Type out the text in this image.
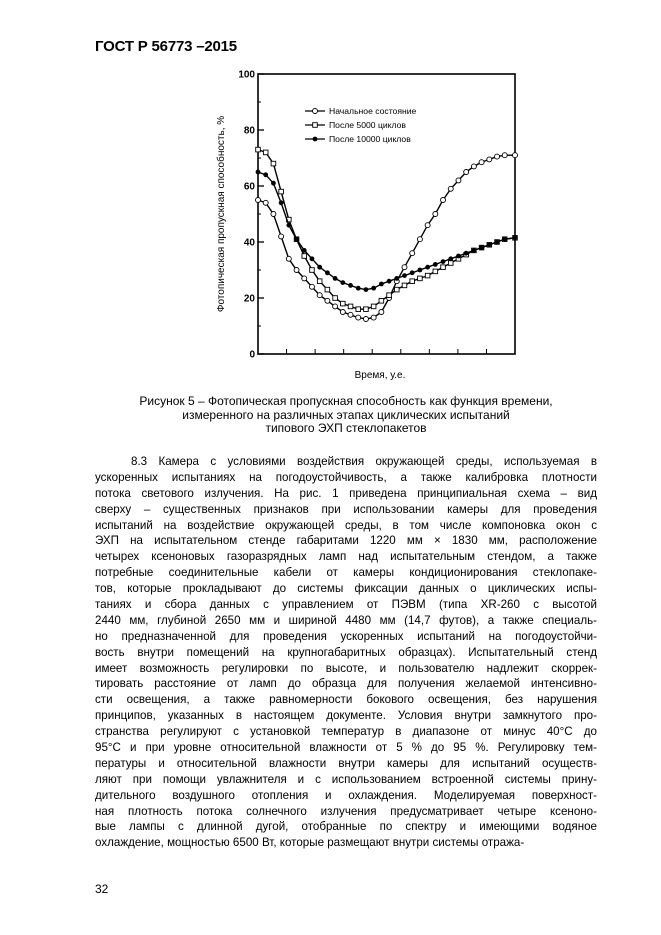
ГОСТ Р 56773 –2015
0
20
40
60
80
100
Начальное состояние
После 5000 циклов
После 10000 циклов
Время, у.е.
Фотопическая пропускная способность, %
Рисунок 5 – Фотопическая пропускная способность как функция времени,
измеренного на различных этапах циклических испытаний
типового ЭХП стеклопакетов
8.3 Камера с условиями воздействия окружающей среды, используемая в
ускоренных испытаниях на погодоустойчивость, а также калибровка плотности
потока светового излучения. На рис. 1 приведена принципиальная схема – вид
сверху – существенных признаков при использовании камеры для проведения
испытаний на воздействие окружающей среды, в том числе компоновка окон с
ЭХП на испытательном стенде габаритами 1220 мм × 1830 мм, расположение
четырех ксеноновых газоразрядных ламп над испытательным стендом, а также
потребные соединительные кабели от камеры кондиционирования стеклопаке-
тов, которые прокладывают до системы фиксации данных о циклических испы-
таниях и сбора данных с управлением от ПЭВМ (типа XR-260 с высотой
2440 мм, глубиной 2650 мм и шириной 4480 мм (14,7 футов), а также специаль-
но предназначенной для проведения ускоренных испытаний на погодоустойчи-
вость внутри помещений на крупногабаритных образцах). Испытательный стенд
имеет возможность регулировки по высоте, и пользователю надлежит скоррек-
тировать расстояние от ламп до образца для получения желаемой интенсивно-
сти освещения, а также равномерности бокового освещения, без нарушения
принципов, указанных в настоящем документе. Условия внутри замкнутого про-
странства регулируют с установкой температур в диапазоне от минус 40°С до
95°С и при уровне относительной влажности от 5 % до 95 %. Регулировку тем-
пературы и относительной влажности внутри камеры для испытаний осуществ-
ляют при помощи увлажнителя и с использованием встроенной системы прину-
дительного воздушного отопления и охлаждения. Моделируемая поверхност-
ная плотность потока солнечного излучения предусматривает четыре ксеноно-
вые лампы с длинной дугой, отобранные по спектру и имеющими водяное
охлаждение, мощностью 6500 Вт, которые размещают внутри системы отража-
32
